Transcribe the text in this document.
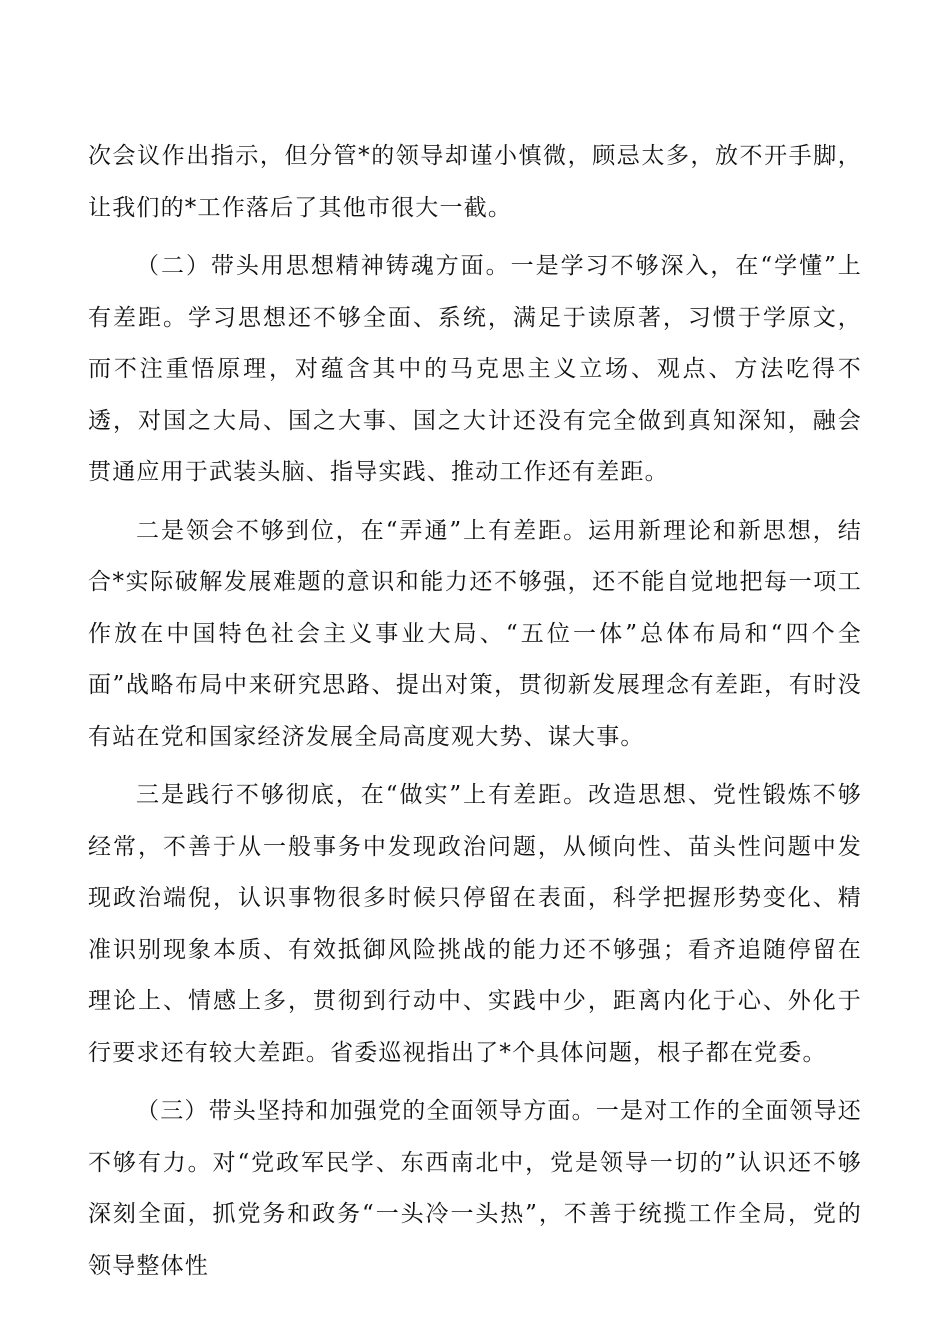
次会议作出指示，但分管*的领导却谨小慎微，顾忌太多，放不开手脚，让我们的*工作落后了其他市很大一截。

（二）带头用思想精神铸魂方面。一是学习不够深入，在“学懂”上有差距。学习思想还不够全面、系统，满足于读原著，习惯于学原文，而不注重悟原理，对蕴含其中的马克思主义立场、观点、方法吃得不透，对国之大局、国之大事、国之大计还没有完全做到真知深知，融会贯通应用于武装头脑、指导实践、推动工作还有差距。

二是领会不够到位，在“弄通”上有差距。运用新理论和新思想，结合*实际破解发展难题的意识和能力还不够强，还不能自觉地把每一项工作放在中国特色社会主义事业大局、“五位一体”总体布局和“四个全面”战略布局中来研究思路、提出对策，贯彻新发展理念有差距，有时没有站在党和国家经济发展全局高度观大势、谋大事。

三是践行不够彻底，在“做实”上有差距。改造思想、党性锻炼不够经常，不善于从一般事务中发现政治问题，从倾向性、苗头性问题中发现政治端倪，认识事物很多时候只停留在表面，科学把握形势变化、精准识别现象本质、有效抵御风险挑战的能力还不够强；看齐追随停留在理论上、情感上多，贯彻到行动中、实践中少，距离内化于心、外化于行要求还有较大差距。省委巡视指出了*个具体问题，根子都在党委。

（三）带头坚持和加强党的全面领导方面。一是对工作的全面领导还不够有力。对“党政军民学、东西南北中，党是领导一切的”认识还不够深刻全面，抓党务和政务“一头冷一头热”，不善于统揽工作全局，党的领导整体性
